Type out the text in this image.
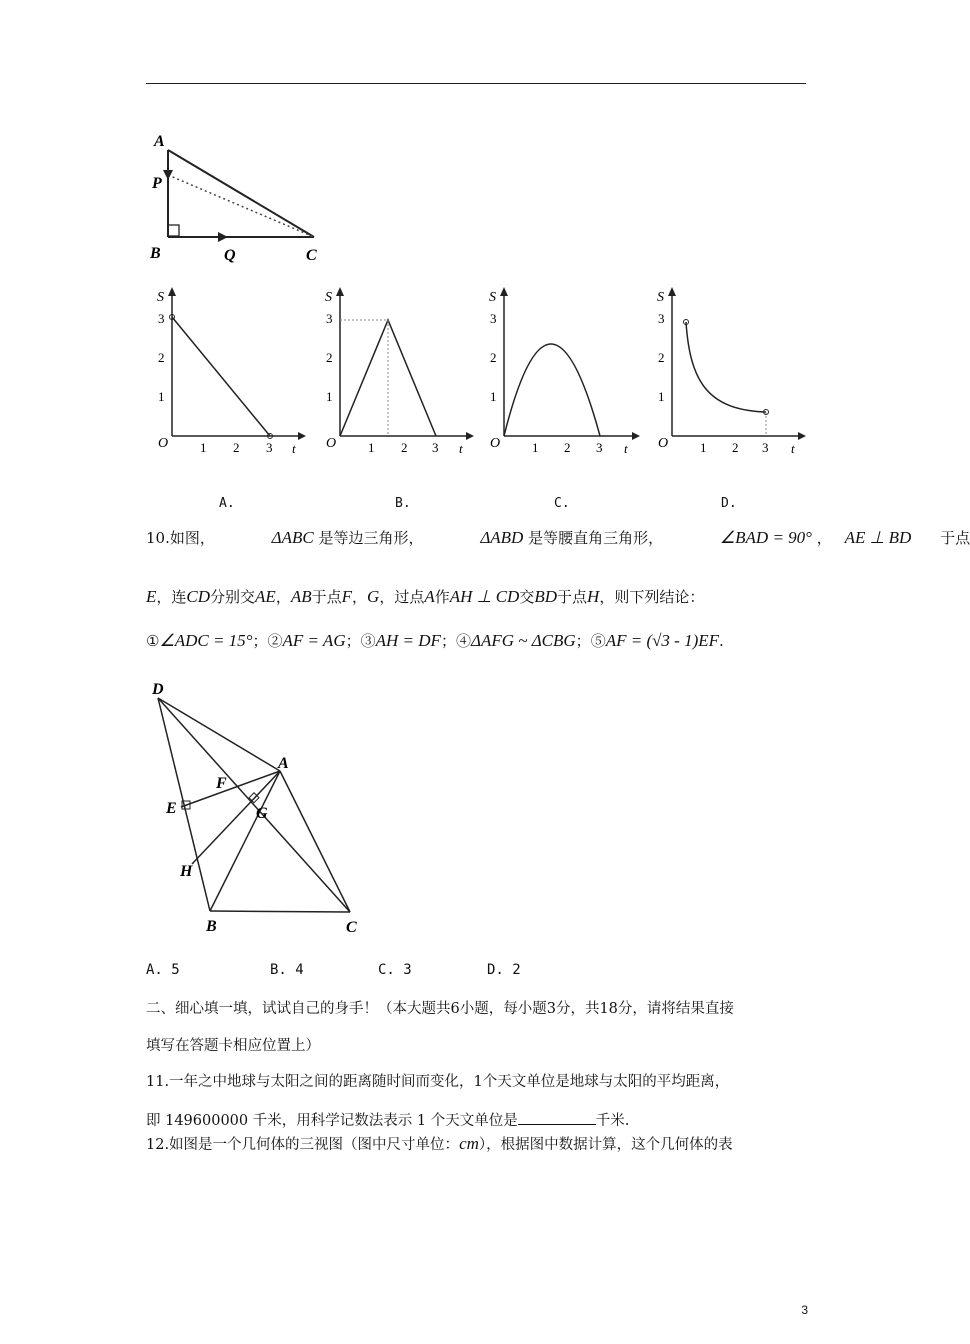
A
P
B	Q	C
S
O 1 2 3 t
1
2
3
S
O 1 2 3 t
1
2
3
S
O 1 2 3 t
1
2
3
S
O 1 2 3 t
1
2
3
A.	B.	C.	D.
10.如图，	ΔABC 是等边三角形，	ΔABD 是等腰直角三角形，	∠BAD = 90° ， AE ⊥ BD 于点
E，连CD分别交AE，AB于点F，G，过点A作AH ⊥ CD交BD于点H，则下列结论：
①∠ADC = 15°；②AF = AG；③AH = DF；④ΔAFG ~ ΔCBG；⑤AF = (√3 - 1)EF.
D
A
E
F
G
H
B	C
A. 5	B. 4	C. 3	D. 2
二、细心填一填，试试自己的身手！（本大题共6小题，每小题3分，共18分，请将结果直接
填写在答题卡相应位置上）
11.一年之中地球与太阳之间的距离随时间而变化，1个天文单位是地球与太阳的平均距离，
即 149600000 千米，用科学记数法表示 1 个天文单位是	千米.
12.如图是一个几何体的三视图（图中尺寸单位：cm），根据图中数据计算，这个几何体的表
3
